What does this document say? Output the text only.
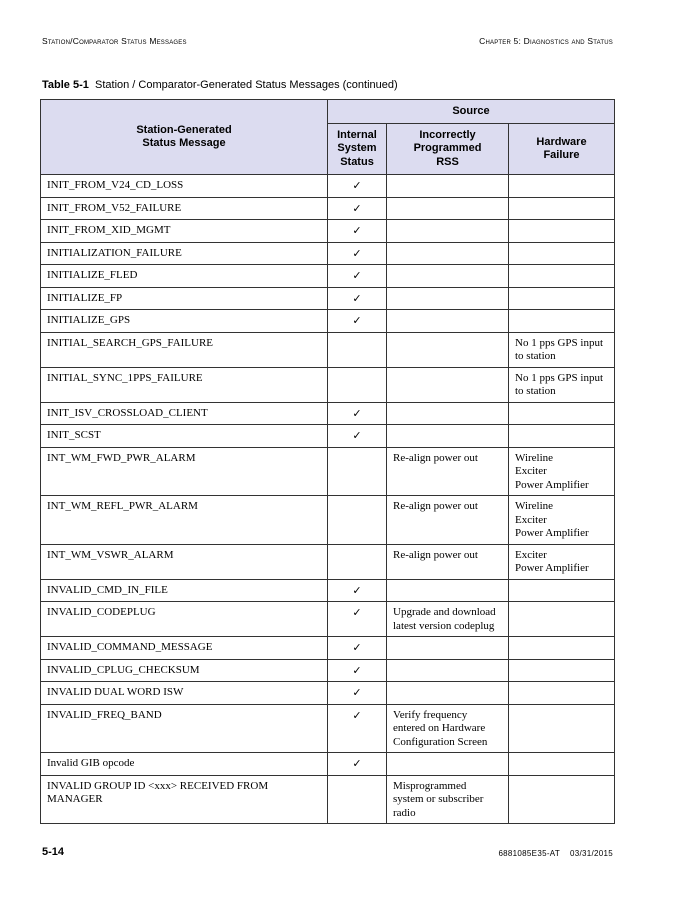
Station/Comparator Status Messages	Chapter 5: Diagnostics and Status
Table 5-1 Station / Comparator-Generated Status Messages (continued)
Station-Generated
Status Message	Source		
	Internal
System
Status	Incorrectly
Programmed
RSS	Hardware
Failure
INIT_FROM_V24_CD_LOSS	✓		
INIT_FROM_V52_FAILURE	✓		
INIT_FROM_XID_MGMT	✓		
INITIALIZATION_FAILURE	✓		
INITIALIZE_FLED	✓		
INITIALIZE_FP	✓		
INITIALIZE_GPS	✓		
INITIAL_SEARCH_GPS_FAILURE			No 1 pps GPS input
to station
INITIAL_SYNC_1PPS_FAILURE			No 1 pps GPS input
to station
INIT_ISV_CROSSLOAD_CLIENT	✓		
INIT_SCST	✓		
INT_WM_FWD_PWR_ALARM		Re-align power out	Wireline
Exciter
Power Amplifier
INT_WM_REFL_PWR_ALARM		Re-align power out	Wireline
Exciter
Power Amplifier
INT_WM_VSWR_ALARM		Re-align power out	Exciter
Power Amplifier
INVALID_CMD_IN_FILE	✓		
INVALID_CODEPLUG	✓	Upgrade and download
latest version codeplug	
INVALID_COMMAND_MESSAGE	✓		
INVALID_CPLUG_CHECKSUM	✓		
INVALID DUAL WORD ISW	✓		
INVALID_FREQ_BAND	✓	Verify frequency
entered on Hardware
Configuration Screen	
Invalid GIB opcode	✓		
INVALID GROUP ID <xxx> RECEIVED FROM
MANAGER		Misprogrammed
system or subscriber
radio	
5-14	6881085E35-AT    03/31/2015
